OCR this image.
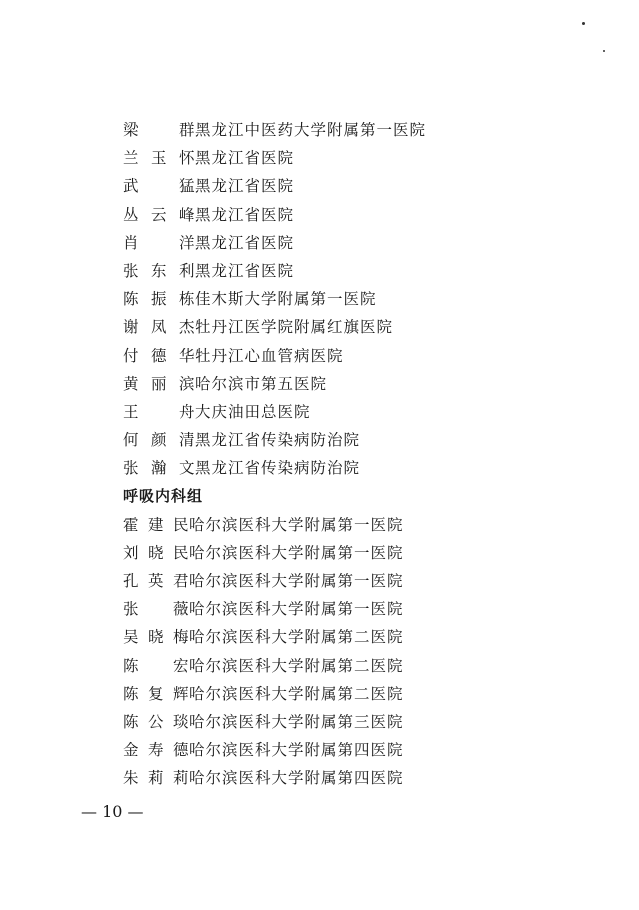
梁　群 黑龙江中医药大学附属第一医院
兰玉怀 黑龙江省医院
武　猛 黑龙江省医院
丛云峰 黑龙江省医院
肖　洋 黑龙江省医院
张东利 黑龙江省医院
陈振栋 佳木斯大学附属第一医院
谢凤杰 牡丹江医学院附属红旗医院
付德华 牡丹江心血管病医院
黄丽滨 哈尔滨市第五医院
王　舟 大庆油田总医院
何颜清 黑龙江省传染病防治院
张瀚文 黑龙江省传染病防治院
呼吸内科组
霍建民 哈尔滨医科大学附属第一医院
刘晓民 哈尔滨医科大学附属第一医院
孔英君 哈尔滨医科大学附属第一医院
张　薇 哈尔滨医科大学附属第一医院
吴晓梅 哈尔滨医科大学附属第二医院
陈　宏 哈尔滨医科大学附属第二医院
陈复辉 哈尔滨医科大学附属第二医院
陈公琰 哈尔滨医科大学附属第三医院
金寿德 哈尔滨医科大学附属第四医院
朱莉莉 哈尔滨医科大学附属第四医院
— 10 —
